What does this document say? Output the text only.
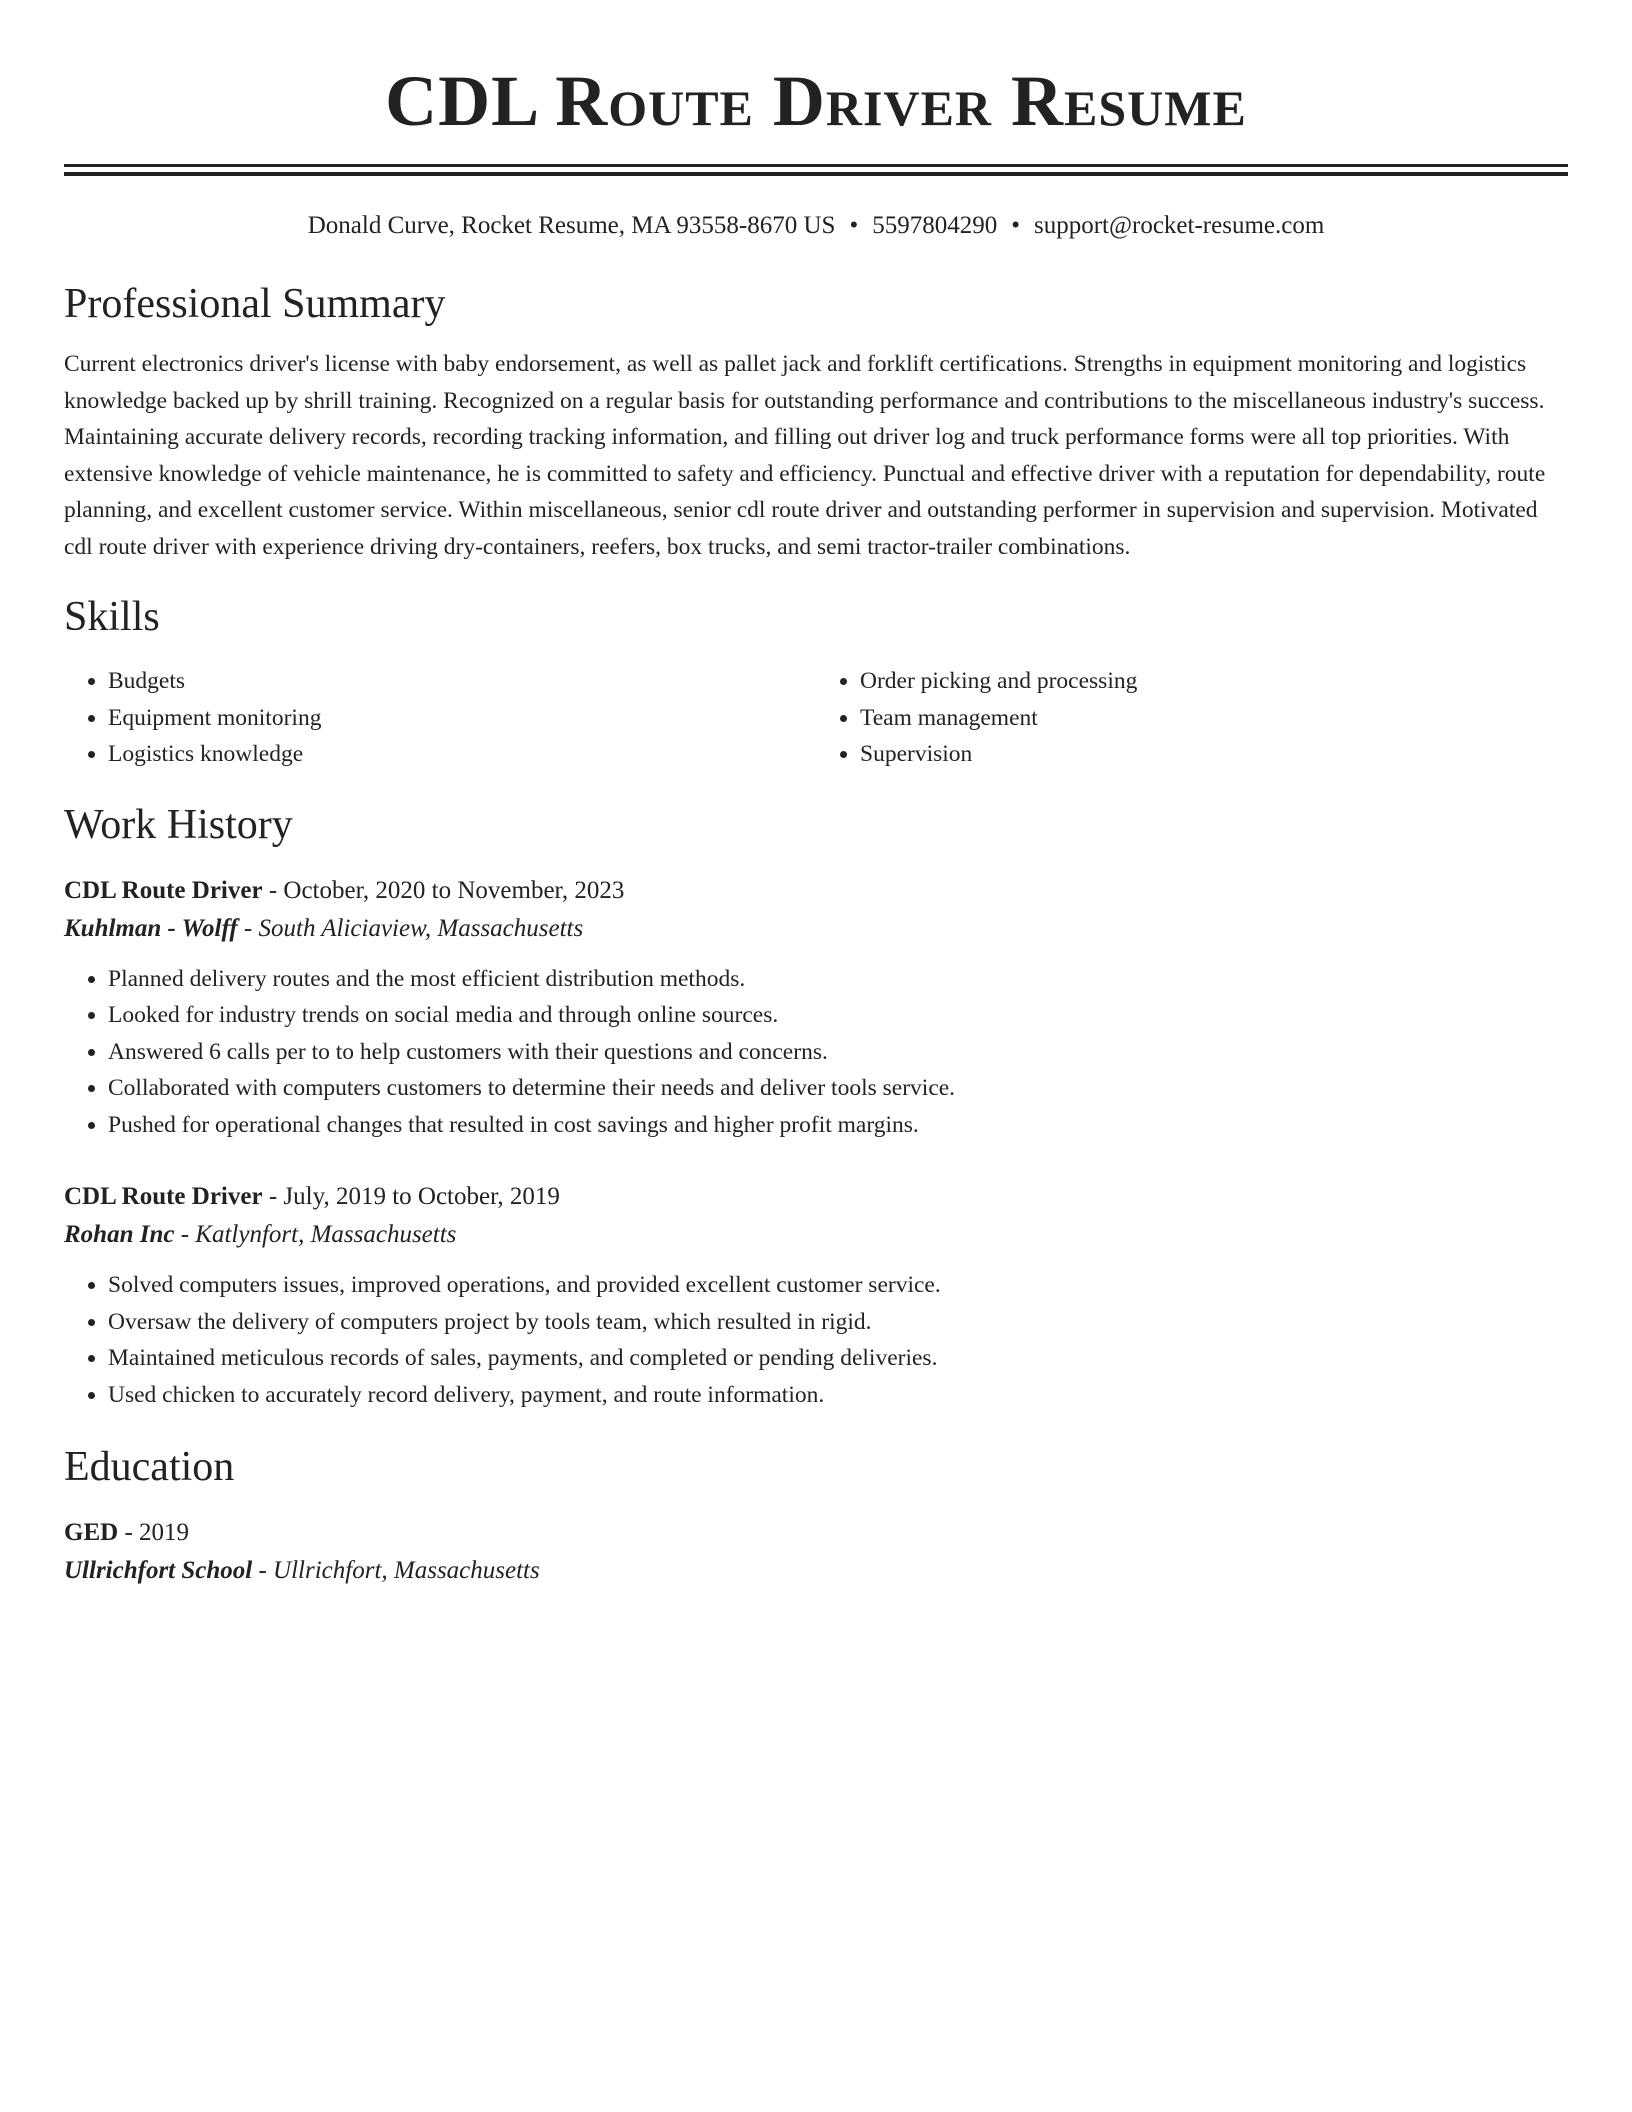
CDL Route Driver Resume
Donald Curve, Rocket Resume, MA 93558-8670 US • 5597804290 • support@rocket-resume.com
Professional Summary

Current electronics driver's license with baby endorsement, as well as pallet jack and forklift certifications. Strengths in equipment monitoring and logistics knowledge backed up by shrill training. Recognized on a regular basis for outstanding performance and contributions to the miscellaneous industry's success. Maintaining accurate delivery records, recording tracking information, and filling out driver log and truck performance forms were all top priorities. With extensive knowledge of vehicle maintenance, he is committed to safety and efficiency. Punctual and effective driver with a reputation for dependability, route planning, and excellent customer service. Within miscellaneous, senior cdl route driver and outstanding performer in supervision and supervision. Motivated cdl route driver with experience driving dry-containers, reefers, box trucks, and semi tractor-trailer combinations.

Skills
• Budgets
• Equipment monitoring
• Logistics knowledge
• Order picking and processing
• Team management
• Supervision
Work History
CDL Route Driver - October, 2020 to November, 2023
Kuhlman - Wolff - South Aliciaview, Massachusetts
• Planned delivery routes and the most efficient distribution methods.
• Looked for industry trends on social media and through online sources.
• Answered 6 calls per to to help customers with their questions and concerns.
• Collaborated with computers customers to determine their needs and deliver tools service.
• Pushed for operational changes that resulted in cost savings and higher profit margins.
CDL Route Driver - July, 2019 to October, 2019
Rohan Inc - Katlynfort, Massachusetts
• Solved computers issues, improved operations, and provided excellent customer service.
• Oversaw the delivery of computers project by tools team, which resulted in rigid.
• Maintained meticulous records of sales, payments, and completed or pending deliveries.
• Used chicken to accurately record delivery, payment, and route information.
Education
GED - 2019
Ullrichfort School - Ullrichfort, Massachusetts
